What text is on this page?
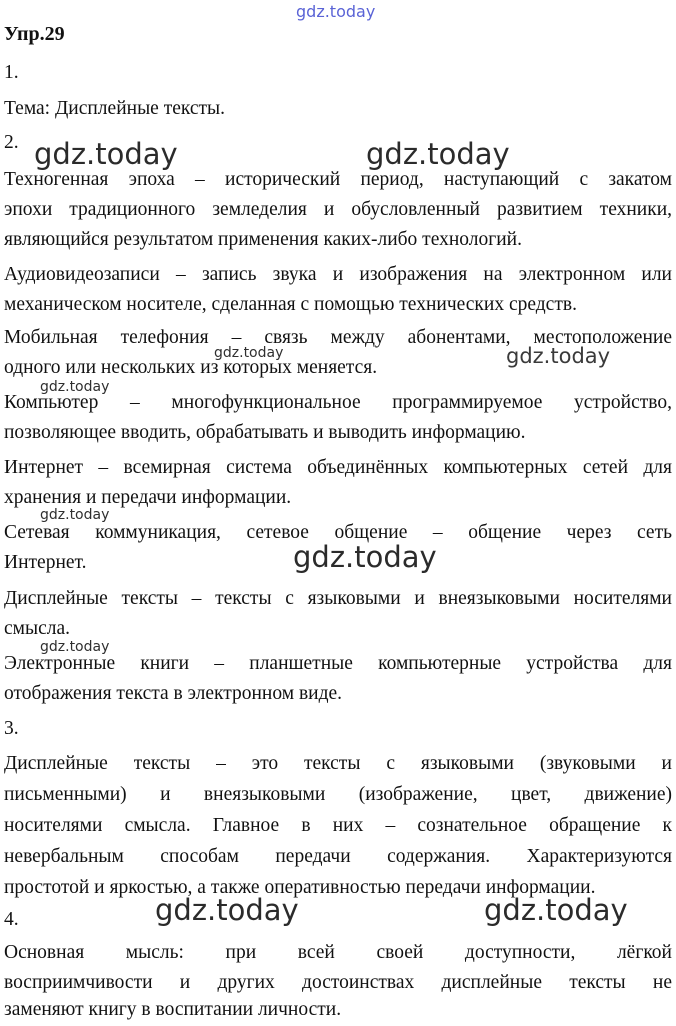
gdz.today
Упр.29
1.
Тема: Дисплейные тексты.
2. gdz.today	gdz.today
Техногенная эпоха – исторический период, наступающий с закатом
эпохи традиционного земледелия и обусловленный развитием техники,
являющийся результатом применения каких-либо технологий.
Аудиовидеозаписи – запись звука и изображения на электронном или
механическом носителе, сделанная с помощью технических средств.
Мобильная телефония – связь между абонентами, местоположение
gdz.today	gdz.today
одного или нескольких из которых меняется.
gdz.today
Компьютер – многофункциональное программируемое устройство,
позволяющее вводить, обрабатывать и выводить информацию.
Интернет – всемирная система объединённых компьютерных сетей для
хранения и передачи информации.
gdz.today
Сетевая коммуникация, сетевое общение – общение через сеть
Интернет.	gdz.today
Дисплейные тексты – тексты с языковыми и внеязыковыми носителями
смысла.
gdz.today
Электронные книги – планшетные компьютерные устройства для
отображения текста в электронном виде.
3.
Дисплейные тексты – это тексты с языковыми (звуковыми и
письменными) и внеязыковыми (изображение, цвет, движение)
носителями смысла. Главное в них – сознательное обращение к
невербальным способам передачи содержания. Характеризуются
простотой и яркостью, а также оперативностью передачи информации.
4.	gdz.today	gdz.today
Основная мысль: при всей своей доступности, лёгкой
восприимчивости и других достоинствах дисплейные тексты не
заменяют книгу в воспитании личности.
